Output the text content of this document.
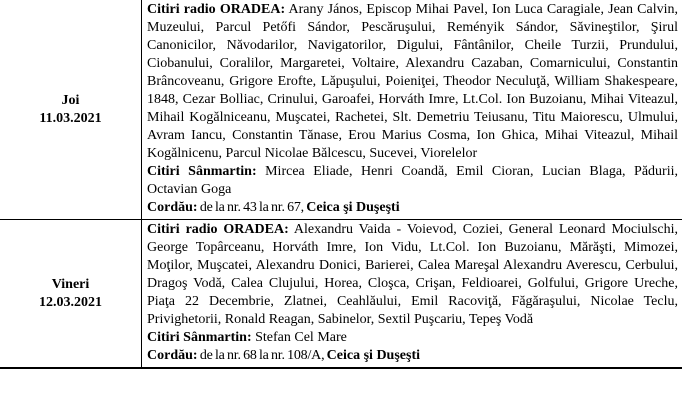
Joi
11.03.2021

Citiri radio ORADEA: Arany János, Episcop Mihai Pavel, Ion Luca Caragiale, Jean Calvin, Muzeului, Parcul Petőfi Sándor, Pescăruşului, Reményik Sándor, Săvineştilor, Şirul Canonicilor, Năvodarilor, Navigatorilor, Digului, Fântânilor, Cheile Turzii, Prundului, Ciobanului, Coralilor, Margaretei, Voltaire, Alexandru Cazaban, Comarnicului, Constantin Brâncoveanu, Grigore Erofte, Lăpuşului, Poieniţei, Theodor Neculuţă, William Shakespeare, 1848, Cezar Bolliac, Crinului, Garoafei, Horváth Imre, Lt.Col. Ion Buzoianu, Mihai Viteazul, Mihail Kogălniceanu, Muşcatei, Rachetei, Slt. Demetriu Teiusanu, Titu Maiorescu, Ulmului, Avram Iancu, Constantin Tănase, Erou Marius Cosma, Ion Ghica, Mihai Viteazul, Mihail Kogălnicenu, Parcul Nicolae Bălcescu, Sucevei, Viorelelor

Citiri Sânmartin: Mircea Eliade, Henri Coandă, Emil Cioran, Lucian Blaga, Pădurii, Octavian Goga

Cordău: de la nr. 43 la nr. 67, Ceica şi Duşeşti

Vineri
12.03.2021

Citiri radio ORADEA: Alexandru Vaida - Voievod, Coziei, General Leonard Mociulschi, George Topârceanu, Horváth Imre, Ion Vidu, Lt.Col. Ion Buzoianu, Mărăşti, Mimozei, Moţilor, Muşcatei, Alexandru Donici, Barierei, Calea Mareşal Alexandru Averescu, Cerbului, Dragoş Vodă, Calea Clujului, Horea, Cloşca, Crişan, Feldioarei, Golfului, Grigore Ureche, Piaţa 22 Decembrie, Zlatnei, Ceahlăului, Emil Racoviţă, Făgăraşului, Nicolae Teclu, Privighetorii, Ronald Reagan, Sabinelor, Sextil Puşcariu, Tepeş Vodă

Citiri Sânmartin: Stefan Cel Mare

Cordău: de la nr. 68 la nr. 108/A, Ceica şi Duşeşti
